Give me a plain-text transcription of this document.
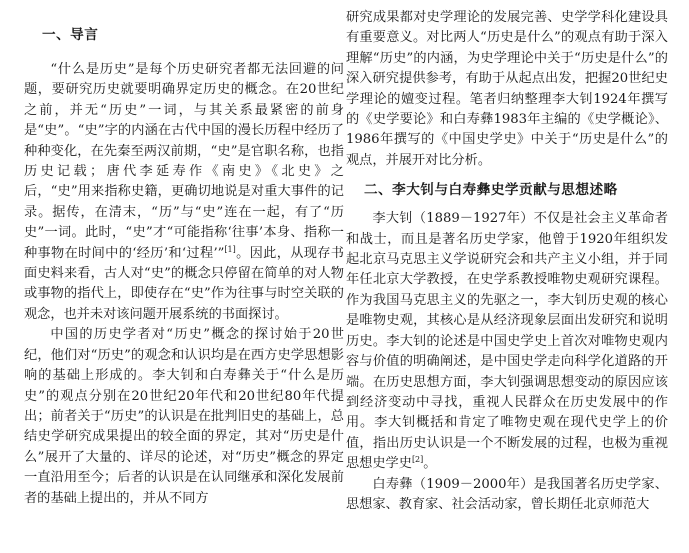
一、导言

“什么是历史”是每个历史研究者都无法回避的问题，要研究历史就要明确界定历史的概念。在20世纪之前，并无“历史”一词，与其关系最紧密的前身是“史”。“史”字的内涵在古代中国的漫长历程中经历了种种变化，在先秦至两汉前期，“史”是官职名称，也指历史记载；唐代李延寿作《南史》《北史》之后，“史”用来指称史籍，更确切地说是对重大事件的记录。据传，在清末，“历”与“史”连在一起，有了“历史”一词。此时，“史”才“可能指称‘往事’本身、指称一种事物在时间中的‘经历’和‘过程’”[1]。因此，从现存书面史料来看，古人对“史”的概念只停留在简单的对人物或事物的指代上，即使存在“史”作为往事与时空关联的观念，也并未对该问题开展系统的书面探讨。

中国的历史学者对“历史”概念的探讨始于20世纪，他们对“历史”的观念和认识均是在西方史学思想影响的基础上形成的。李大钊和白寿彝关于“什么是历史”的观点分别在20世纪20年代和20世纪80年代提出；前者关于“历史”的认识是在批判旧史的基础上，总结史学研究成果提出的较全面的界定，其对“历史是什么”展开了大量的、详尽的论述，对“历史”概念的界定一直沿用至今；后者的认识是在认同继承和深化发展前者的基础上提出的，并从不同方

研究成果都对史学理论的发展完善、史学学科化建设具有重要意义。对比两人“历史是什么”的观点有助于深入理解“历史”的内涵，为史学理论中关于“历史是什么”的深入研究提供参考，有助于从起点出发，把握20世纪史学理论的嬗变过程。笔者归纳整理李大钊1924年撰写的《史学要论》和白寿彝1983年主编的《史学概论》、1986年撰写的《中国史学史》中关于“历史是什么”的观点，并展开对比分析。

二、李大钊与白寿彝史学贡献与思想述略

李大钊（1889－1927年）不仅是社会主义革命者和战士，而且是著名历史学家，他曾于1920年组织发起北京马克思主义学说研究会和共产主义小组，并于同年任北京大学教授，在史学系教授唯物史观研究课程。作为我国马克思主义的先驱之一，李大钊历史观的核心是唯物史观，其核心是从经济现象层面出发研究和说明历史。李大钊的论述是中国史学史上首次对唯物史观内容与价值的明确阐述，是中国史学走向科学化道路的开端。在历史思想方面，李大钊强调思想变动的原因应该到经济变动中寻找，重视人民群众在历史发展中的作用。李大钊概括和肯定了唯物史观在现代史学上的价值，指出历史认识是一个不断发展的过程，也极为重视思想史学史[2]。

白寿彝（1909－2000年）是我国著名历史学家、思想家、教育家、社会活动家，曾长期任北京师范大
